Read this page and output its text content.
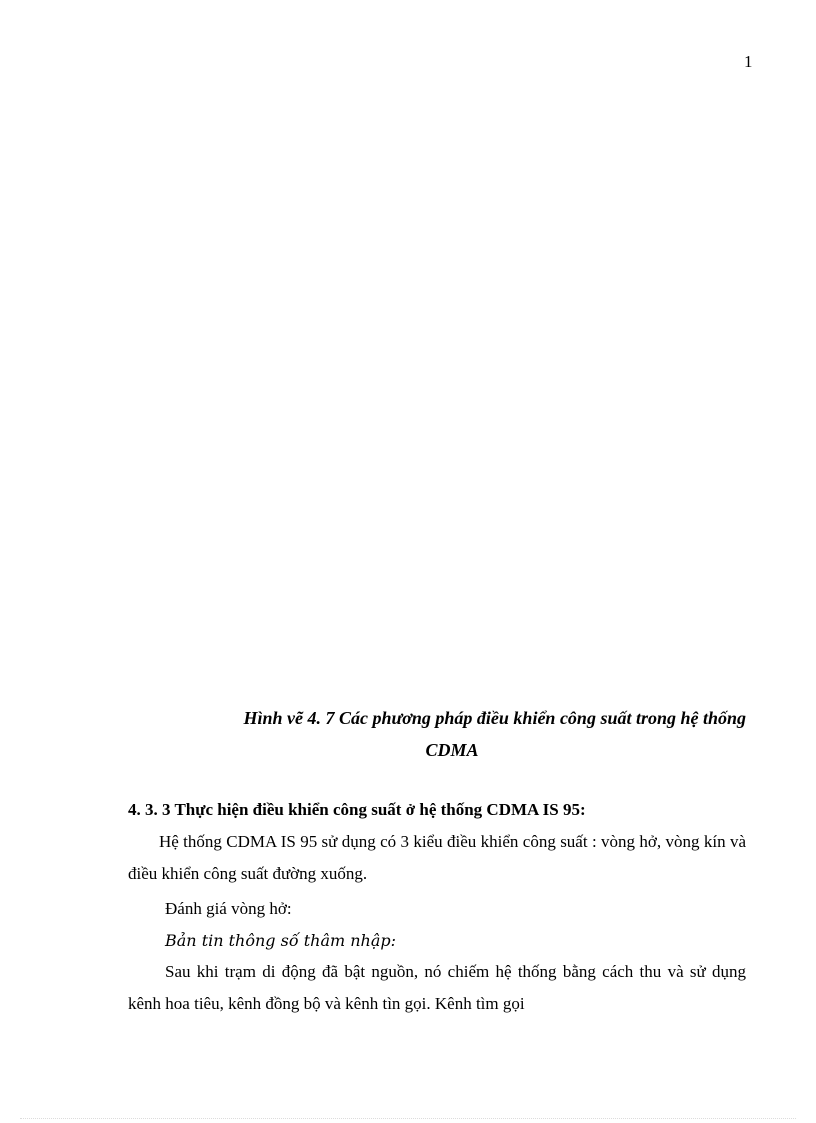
1
Hình vẽ 4. 7 Các phương pháp điều khiển công suất trong hệ thống
CDMA
4. 3. 3 Thực hiện điều khiển công suất ở hệ thống CDMA IS 95:
Hệ thống CDMA IS 95 sử dụng có 3 kiểu điều khiển công suất : vòng hở, vòng kín và điều khiển công suất đường xuống.
Đánh giá vòng hở:
Bản tin thông số thâm nhập:
Sau khi trạm di động đã bật nguồn, nó chiếm hệ thống bằng cách thu và sử dụng kênh hoa tiêu, kênh đồng bộ và kênh tìn gọi. Kênh tìm gọi
